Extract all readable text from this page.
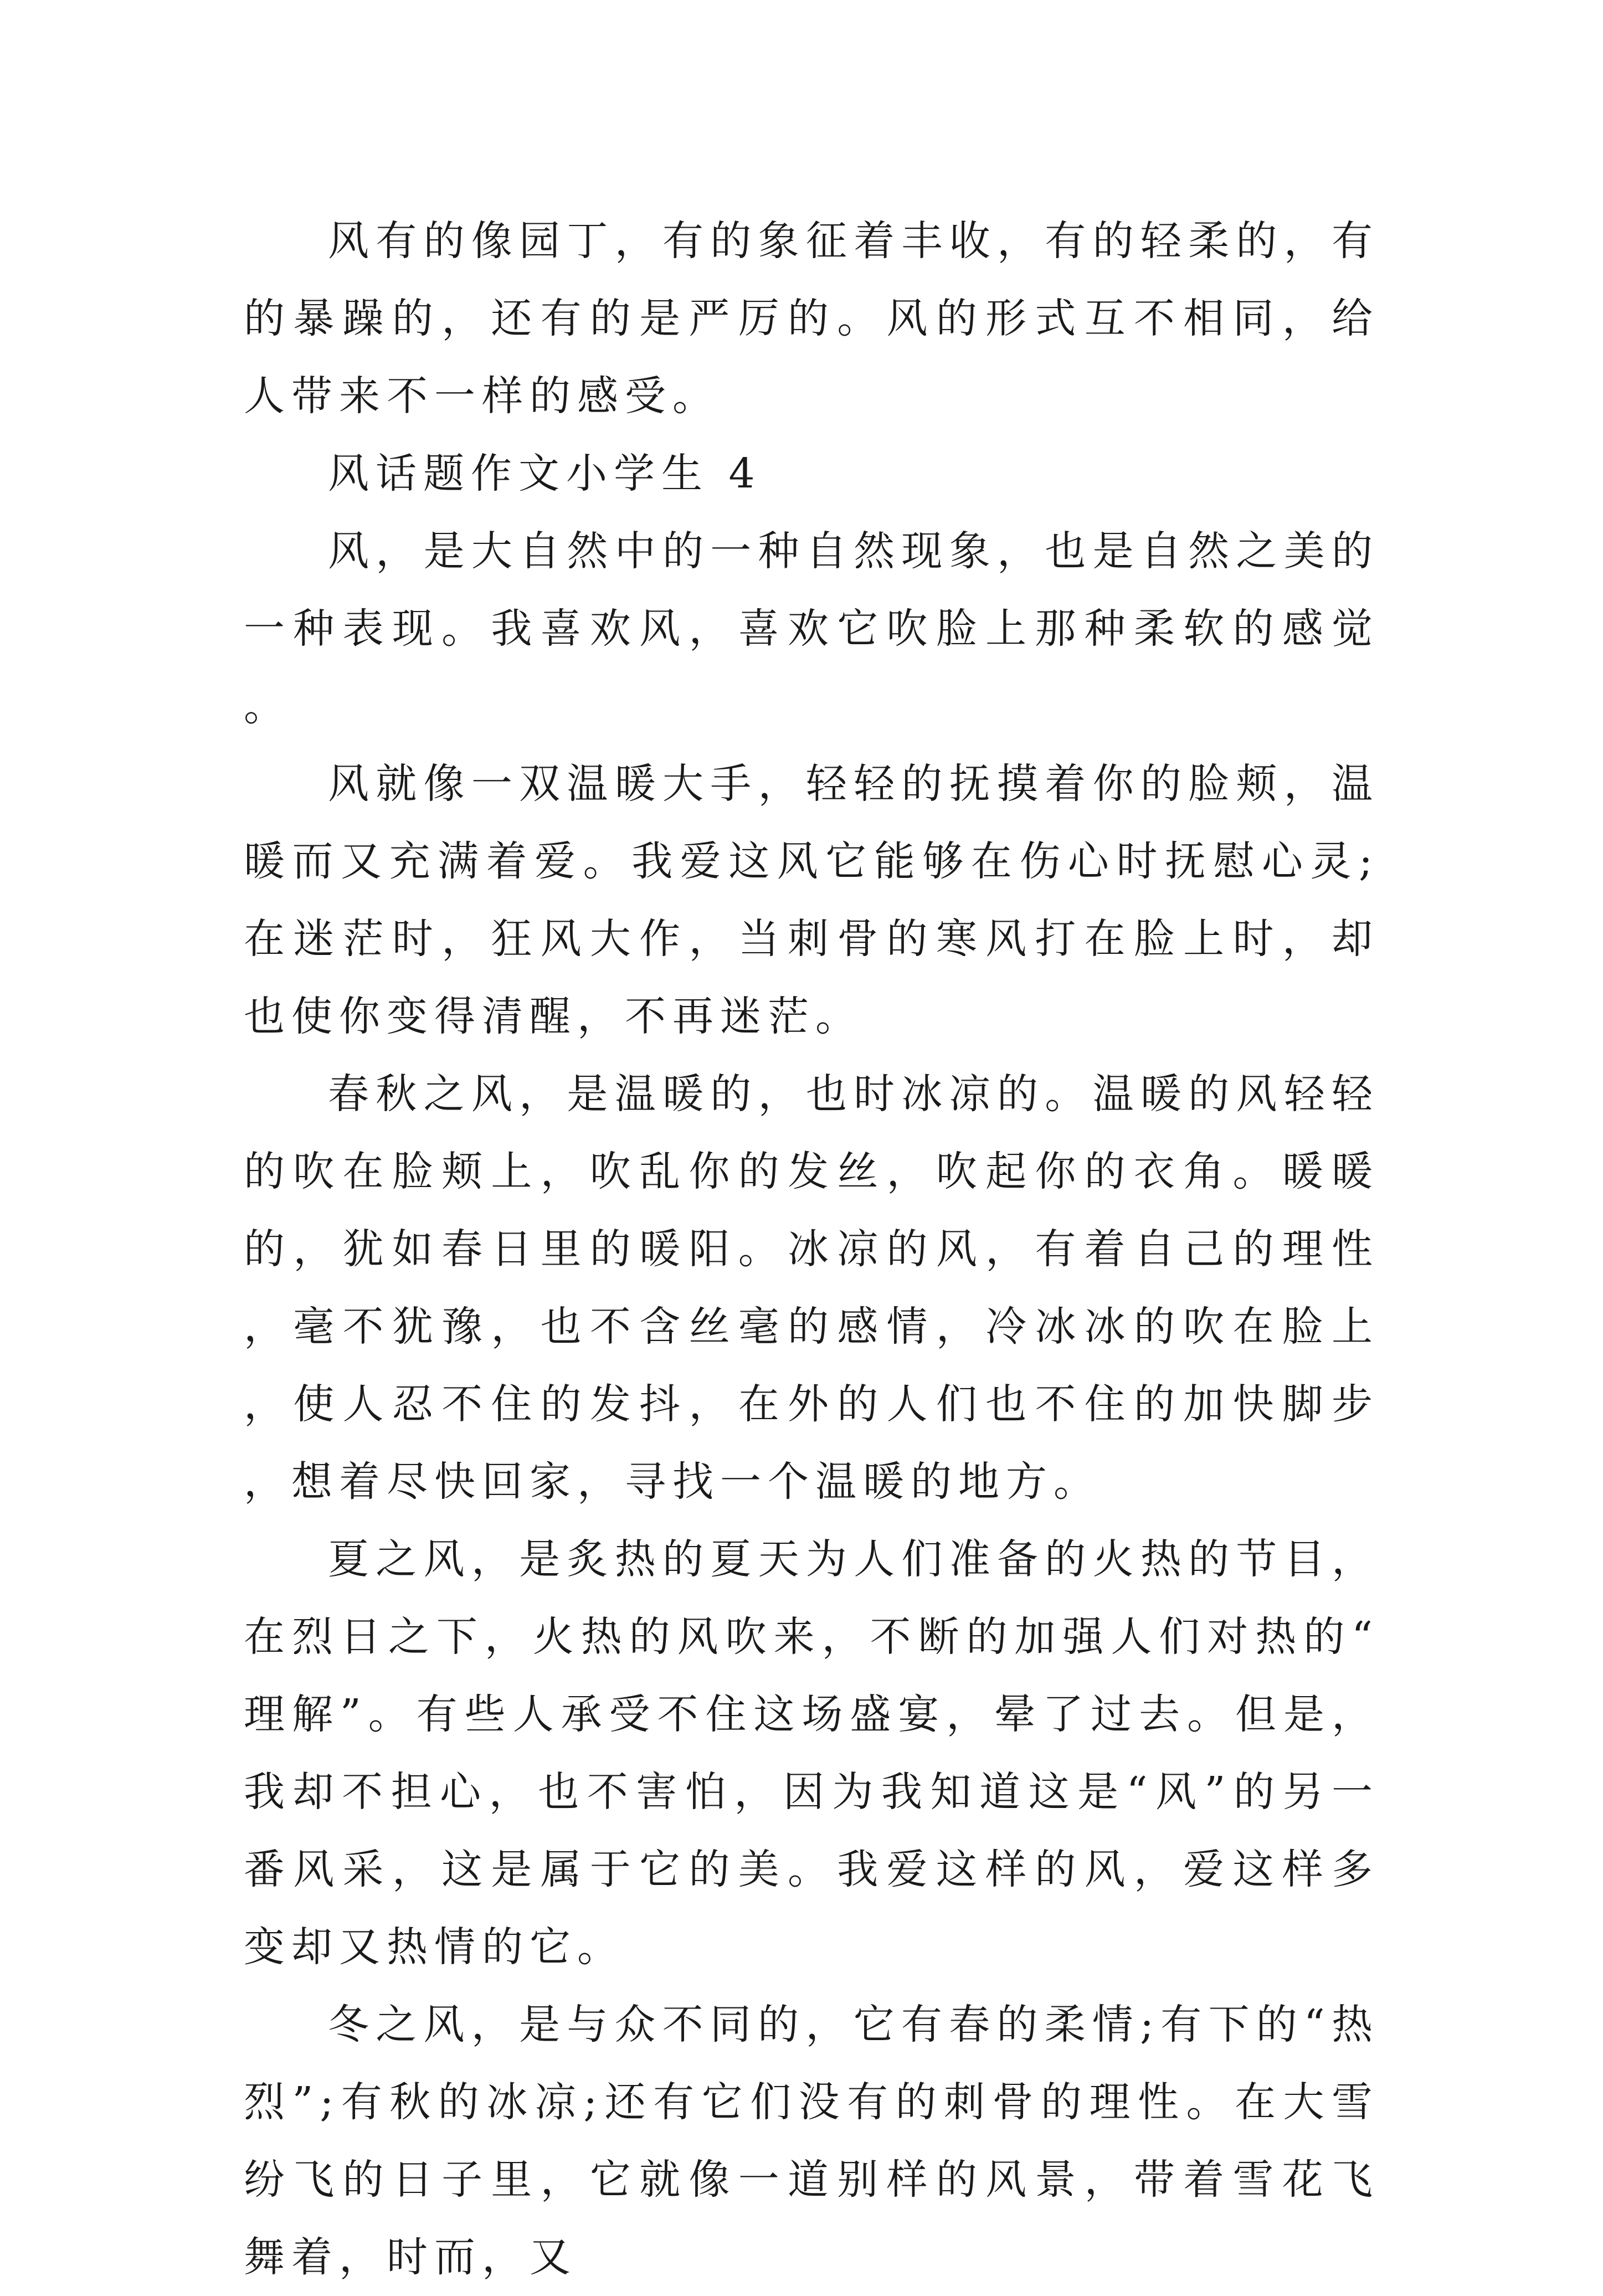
风有的像园丁，有的象征着丰收，有的轻柔的，有的暴躁的，还有的是严厉的。风的形式互不相同，给人带来不一样的感受。

风话题作文小学生 4

风，是大自然中的一种自然现象，也是自然之美的一种表现。我喜欢风，喜欢它吹脸上那种柔软的感觉。

风就像一双温暖大手，轻轻的抚摸着你的脸颊，温暖而又充满着爱。我爱这风它能够在伤心时抚慰心灵;在迷茫时，狂风大作，当刺骨的寒风打在脸上时，却也使你变得清醒，不再迷茫。

春秋之风，是温暖的，也时冰凉的。温暖的风轻轻的吹在脸颊上，吹乱你的发丝，吹起你的衣角。暖暖的，犹如春日里的暖阳。冰凉的风，有着自己的理性，毫不犹豫，也不含丝毫的感情，冷冰冰的吹在脸上，使人忍不住的发抖，在外的人们也不住的加快脚步，想着尽快回家，寻找一个温暖的地方。

夏之风，是炙热的夏天为人们准备的火热的节目，在烈日之下，火热的风吹来，不断的加强人们对热的“理解”。有些人承受不住这场盛宴，晕了过去。但是，我却不担心，也不害怕，因为我知道这是“风”的另一番风采，这是属于它的美。我爱这样的风，爱这样多变却又热情的它。

冬之风，是与众不同的，它有春的柔情;有下的“热烈”;有秋的冰凉;还有它们没有的刺骨的理性。在大雪纷飞的日子里，它就像一道别样的风景，带着雪花飞舞着，时而，又
